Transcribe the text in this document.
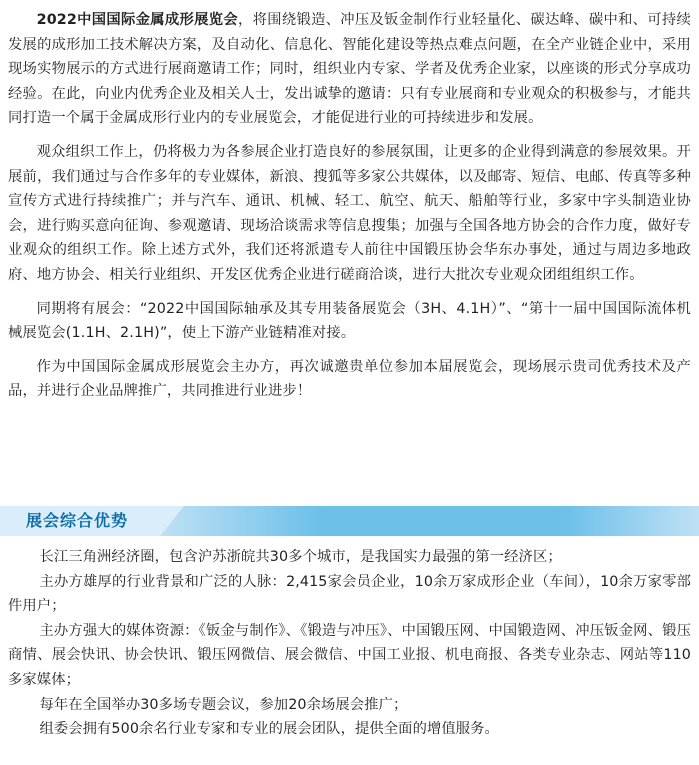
2022中国国际金属成形展览会，将围绕锻造、冲压及钣金制作行业轻量化、碳达峰、碳中和、可持续发展的成形加工技术解决方案，及自动化、信息化、智能化建设等热点难点问题，在全产业链企业中，采用现场实物展示的方式进行展商邀请工作；同时，组织业内专家、学者及优秀企业家，以座谈的形式分享成功经验。在此，向业内优秀企业及相关人士，发出诚挚的邀请：只有专业展商和专业观众的积极参与，才能共同打造一个属于金属成形行业内的专业展览会，才能促进行业的可持续进步和发展。

观众组织工作上，仍将极力为各参展企业打造良好的参展氛围，让更多的企业得到满意的参展效果。开展前，我们通过与合作多年的专业媒体，新浪、搜狐等多家公共媒体，以及邮寄、短信、电邮、传真等多种宣传方式进行持续推广；并与汽车、通讯、机械、轻工、航空、航天、船舶等行业，多家中字头制造业协会，进行购买意向征询、参观邀请、现场洽谈需求等信息搜集；加强与全国各地方协会的合作力度，做好专业观众的组织工作。除上述方式外，我们还将派遣专人前往中国锻压协会华东办事处，通过与周边多地政府、地方协会、相关行业组织、开发区优秀企业进行磋商洽谈，进行大批次专业观众团组组织工作。

同期将有展会：“2022中国国际轴承及其专用装备展览会（3H、4.1H）”、“第十一届中国国际流体机械展览会(1.1H、2.1H)”，使上下游产业链精准对接。

作为中国国际金属成形展览会主办方，再次诚邀贵单位参加本届展览会，现场展示贵司优秀技术及产品，并进行企业品牌推广，共同推进行业进步！

展会综合优势

长江三角洲经济圈，包含沪苏浙皖共30多个城市，是我国实力最强的第一经济区；

主办方雄厚的行业背景和广泛的人脉：2,415家会员企业，10余万家成形企业（车间），10余万家零部件用户；

主办方强大的媒体资源：《钣金与制作》、《锻造与冲压》、中国锻压网、中国锻造网、冲压钣金网、锻压商情、展会快讯、协会快讯、锻压网微信、展会微信、中国工业报、机电商报、各类专业杂志、网站等110多家媒体；

每年在全国举办30多场专题会议，参加20余场展会推广；

组委会拥有500余名行业专家和专业的展会团队，提供全面的增值服务。
